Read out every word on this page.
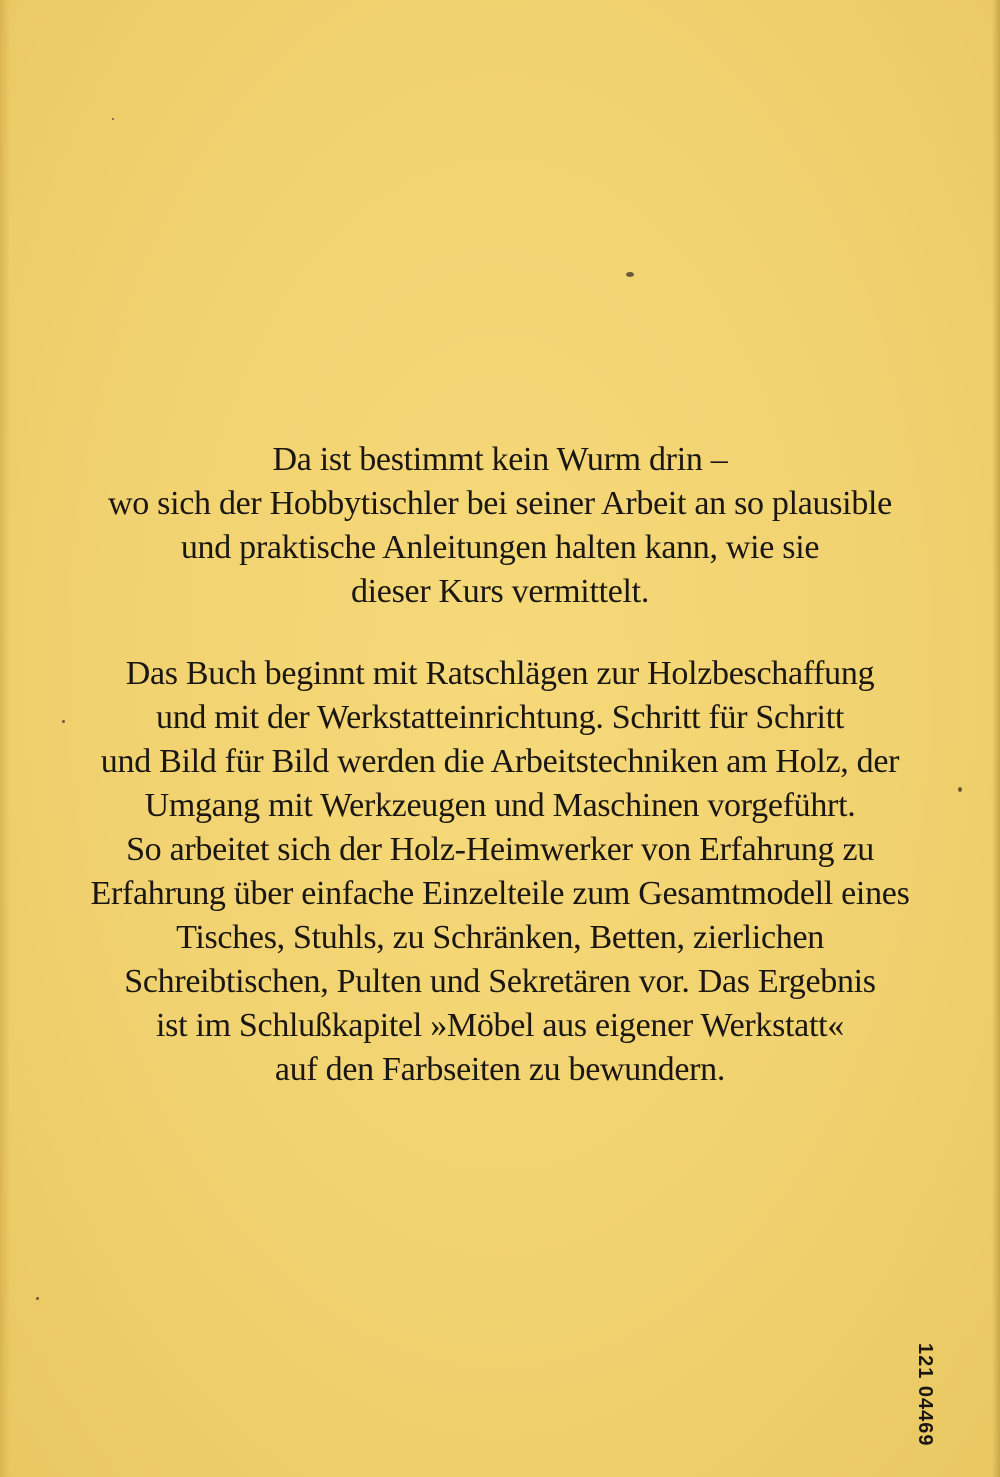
Da ist bestimmt kein Wurm drin –
wo sich der Hobbytischler bei seiner Arbeit an so plausible
und praktische Anleitungen halten kann, wie sie
dieser Kurs vermittelt.

Das Buch beginnt mit Ratschlägen zur Holzbeschaffung
und mit der Werkstatteinrichtung. Schritt für Schritt
und Bild für Bild werden die Arbeitstechniken am Holz, der
Umgang mit Werkzeugen und Maschinen vorgeführt.
So arbeitet sich der Holz-Heimwerker von Erfahrung zu
Erfahrung über einfache Einzelteile zum Gesamtmodell eines
Tisches, Stuhls, zu Schränken, Betten, zierlichen
Schreibtischen, Pulten und Sekretären vor. Das Ergebnis
ist im Schlußkapitel »Möbel aus eigener Werkstatt«
auf den Farbseiten zu bewundern.

121 04469
